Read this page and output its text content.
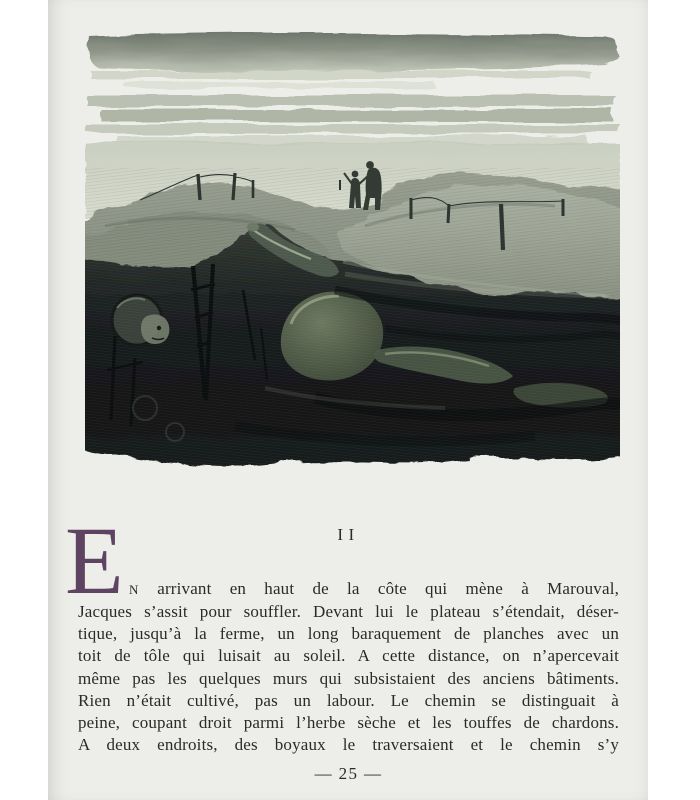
II
E N arrivant en haut de la côte qui mène à Marouval,
Jacques s’assit pour souffler. Devant lui le plateau s’étendait, déser-
tique, jusqu’à la ferme, un long baraquement de planches avec un
toit de tôle qui luisait au soleil. A cette distance, on n’apercevait
même pas les quelques murs qui subsistaient des anciens bâtiments.
Rien n’était cultivé, pas un labour. Le chemin se distinguait à
peine, coupant droit parmi l’herbe sèche et les touffes de chardons.
A deux endroits, des boyaux le traversaient et le chemin s’y
— 25 —
